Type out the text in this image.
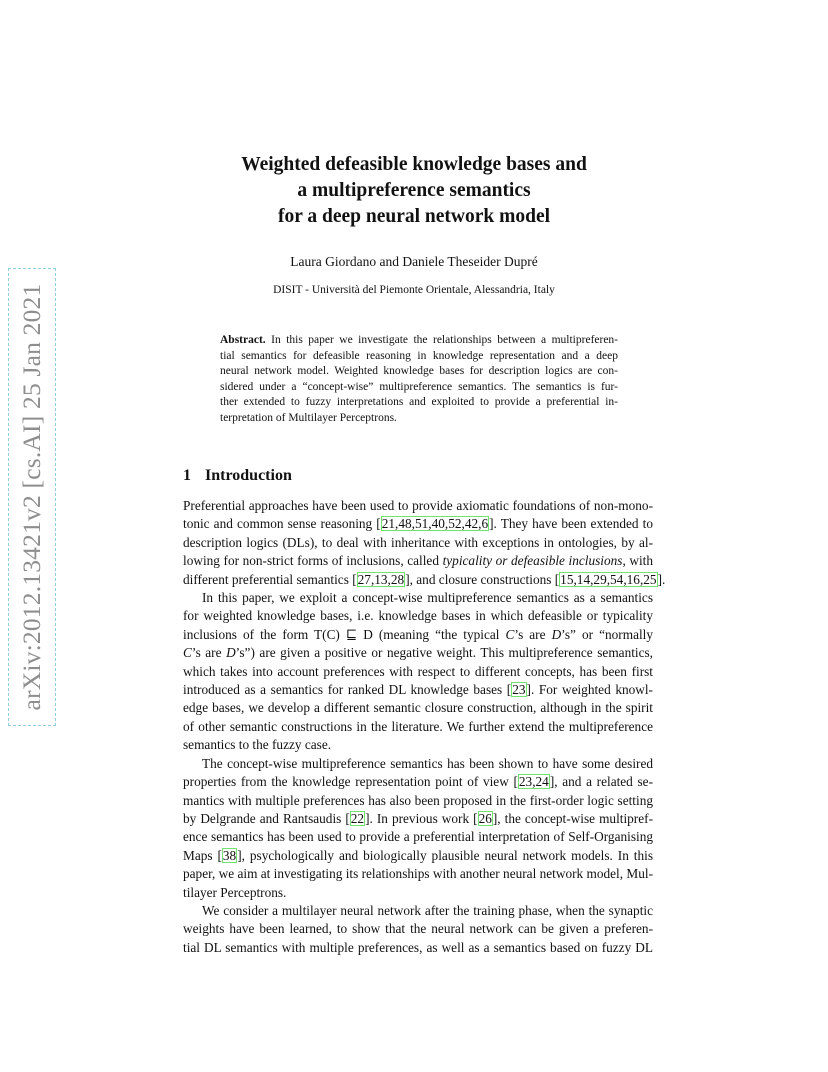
arXiv:2012.13421v2 [cs.AI] 25 Jan 2021
Weighted defeasible knowledge bases and
a multipreference semantics
for a deep neural network model
Laura Giordano and Daniele Theseider Dupré
DISIT - Università del Piemonte Orientale, Alessandria, Italy
Abstract. In this paper we investigate the relationships between a multipreferen-
tial semantics for defeasible reasoning in knowledge representation and a deep
neural network model. Weighted knowledge bases for description logics are con-
sidered under a “concept-wise” multipreference semantics. The semantics is fur-
ther extended to fuzzy interpretations and exploited to provide a preferential in-
terpretation of Multilayer Perceptrons.
1 Introduction
Preferential approaches have been used to provide axiomatic foundations of non-mono-
tonic and common sense reasoning [21,48,51,40,52,42,6]. They have been extended to
description logics (DLs), to deal with inheritance with exceptions in ontologies, by al-
lowing for non-strict forms of inclusions, called typicality or defeasible inclusions, with
different preferential semantics [27,13,28], and closure constructions [15,14,29,54,16,25].
In this paper, we exploit a concept-wise multipreference semantics as a semantics
for weighted knowledge bases, i.e. knowledge bases in which defeasible or typicality
inclusions of the form T(C) ⊑ D (meaning “the typical C’s are D’s” or “normally
C’s are D’s”) are given a positive or negative weight. This multipreference semantics,
which takes into account preferences with respect to different concepts, has been first
introduced as a semantics for ranked DL knowledge bases [23]. For weighted knowl-
edge bases, we develop a different semantic closure construction, although in the spirit
of other semantic constructions in the literature. We further extend the multipreference
semantics to the fuzzy case.
The concept-wise multipreference semantics has been shown to have some desired
properties from the knowledge representation point of view [23,24], and a related se-
mantics with multiple preferences has also been proposed in the first-order logic setting
by Delgrande and Rantsaudis [22]. In previous work [26], the concept-wise multipref-
ence semantics has been used to provide a preferential interpretation of Self-Organising
Maps [38], psychologically and biologically plausible neural network models. In this
paper, we aim at investigating its relationships with another neural network model, Mul-
tilayer Perceptrons.
We consider a multilayer neural network after the training phase, when the synaptic
weights have been learned, to show that the neural network can be given a preferen-
tial DL semantics with multiple preferences, as well as a semantics based on fuzzy DL
